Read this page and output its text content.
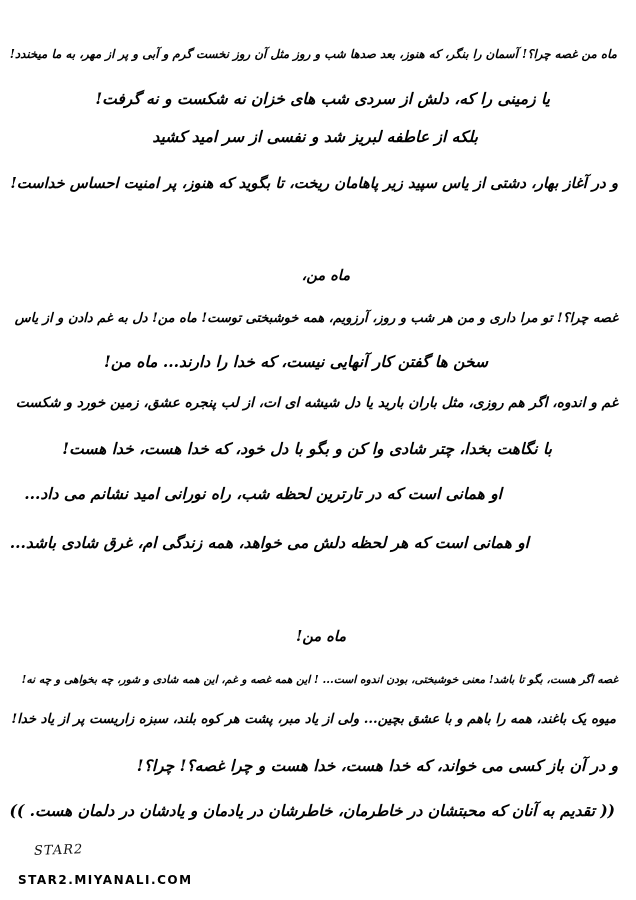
ماه من غصه چرا؟! آسمان را بنگر، که هنوز، بعد صدها شب و روز مثل آن روز نخست گرم و آبی و پر از مهر، به ما میخندد!
یا زمینی را که، دلش از سردی شب های خزان نه شکست و نه گرفت!
بلکه از عاطفه لبریز شد و نفسی از سر امید کشید
و در آغاز بهار، دشتی از یاس سپید زیر پاهامان ریخت، تا بگوید که هنوز، پر امنیت احساس خداست!
ماه من،
غصه چرا؟! تو مرا داری و من هر شب و روز، آرزویم، همه خوشبختی توست! ماه من! دل به غم دادن و از یاس
سخن ها گفتن کار آنهایی نیست، که خدا را دارند... ماه من!
غم و اندوه، اگر هم روزی، مثل باران بارید یا دل شیشه ای ات، از لب پنجره عشق، زمین خورد و شکست
با نگاهت بخدا، چتر شادی وا کن و بگو با دل خود، که خدا هست، خدا هست!
او همانی است که در تارترین لحظه شب، راه نورانی امید نشانم می داد...
او همانی است که هر لحظه دلش می خواهد، همه زندگی ام، غرق شادی باشد...
ماه من!
غصه اگر هست، بگو تا باشد! معنی خوشبختی، بودن اندوه است... ! این همه غصه و غم، این همه شادی و شور، چه بخواهی و چه نه!
میوه یک باغند، همه را باهم و با عشق بچین... ولی از یاد مبر، پشت هر کوه بلند، سبزه زاریست پر از یاد خدا!
و در آن باز کسی می خواند، که خدا هست، خدا هست و چرا غصه؟! چرا؟!
(( تقدیم به آنان که محبتشان در خاطرمان، خاطرشان در یادمان و یادشان در دلمان هست. ))
STAR2
STAR2.MIYANALI.COM
